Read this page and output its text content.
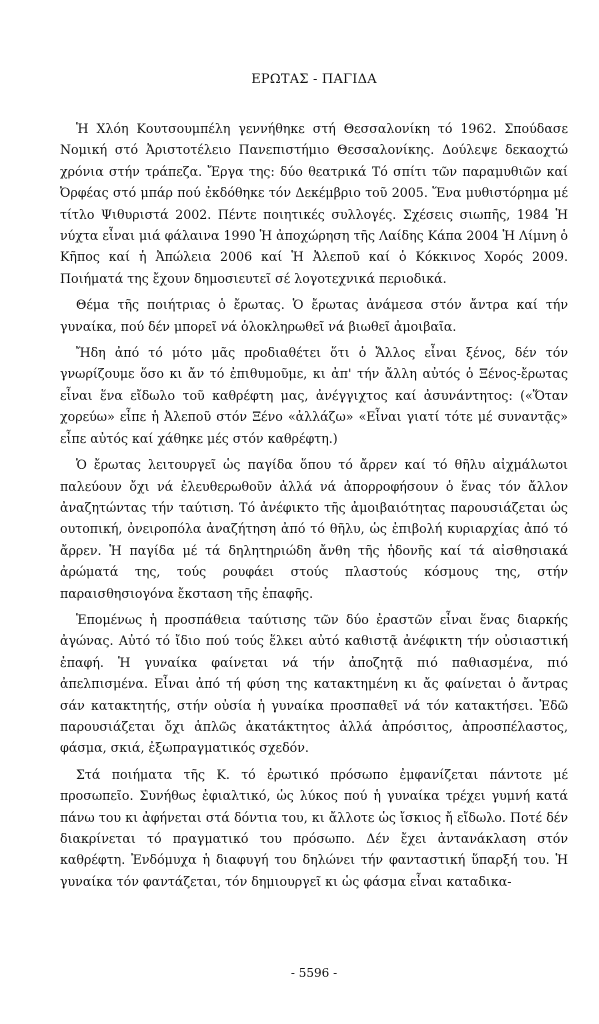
ΕΡΩΤΑΣ - ΠΑΓΙΔΑ

Ἡ Χλόη Κουτσουμπέλη γεννήθηκε στή Θεσσαλονίκη τό 1962. Σπούδασε Νομική στό Ἀριστοτέλειο Πανεπιστήμιο Θεσσαλονίκης. Δούλεψε δεκαοχτώ χρόνια στήν τράπεζα. Ἔργα της: δύο θεατρικά Τό σπίτι τῶν παραμυθιῶν καί Ὀρφέας στό μπάρ πού ἐκδόθηκε τόν Δεκέμβριο τοῦ 2005. Ἕνα μυθιστόρημα μέ τίτλο Ψιθυριστά 2002. Πέντε ποιητικές συλλογές. Σχέσεις σιωπῆς, 1984 Ἡ νύχτα εἶναι μιά φάλαινα 1990 Ἡ ἀποχώρηση τῆς Λαίδης Κάπα 2004 Ἡ Λίμνη ὁ Κῆπος καί ἡ Ἀπώλεια 2006 καί Ἡ Ἀλεποῦ καί ὁ Κόκκινος Χορός 2009. Ποιήματά της ἔχουν δημοσιευτεῖ σέ λογοτεχνικά περιοδικά.

Θέμα τῆς ποιήτριας ὁ ἔρωτας. Ὁ ἔρωτας ἀνάμεσα στόν ἄντρα καί τήν γυναίκα, πού δέν μπορεῖ νά ὁλοκληρωθεῖ νά βιωθεῖ ἀμοιβαῖα.

Ἤδη ἀπό τό μότο μᾶς προδιαθέτει ὅτι ὁ Ἄλλος εἶναι ξένος, δέν τόν γνωρίζουμε ὅσο κι ἄν τό ἐπιθυμοῦμε, κι ἀπ' τήν ἄλλη αὐτός ὁ Ξένος-ἔρωτας εἶναι ἕνα εἴδωλο τοῦ καθρέφτη μας, ἀνέγγιχτος καί ἀσυνάντητος: («Ὅταν χορεύω» εἶπε ἡ Ἀλεποῦ στόν Ξένο «ἀλλάζω» «Εἶναι γιατί τότε μέ συναντᾷς» εἶπε αὐτός καί χάθηκε μές στόν καθρέφτη.)

Ὁ ἔρωτας λειτουργεῖ ὡς παγίδα ὅπου τό ἄρρεν καί τό θῆλυ αἰχμάλωτοι παλεύουν ὄχι νά ἐλευθερωθοῦν ἀλλά νά ἀπορροφήσουν ὁ ἕνας τόν ἄλλον ἀναζητώντας τήν ταύτιση. Τό ἀνέφικτο τῆς ἀμοιβαιότητας παρουσιάζεται ὡς ουτοπική, ὀνειροπόλα ἀναζήτηση ἀπό τό θῆλυ, ὡς ἐπιβολή κυριαρχίας ἀπό τό ἄρρεν. Ἡ παγίδα μέ τά δηλητηριώδη ἄνθη τῆς ἡδονῆς καί τά αἰσθησιακά ἀρώματά της, τούς ρουφάει στούς πλαστούς κόσμους της, στήν παραισθησιογόνα ἔκσταση τῆς ἐπαφῆς.

Ἑπομένως ἡ προσπάθεια ταύτισης τῶν δύο ἐραστῶν εἶναι ἕνας διαρκής ἀγώνας. Αὐτό τό ἴδιο πού τούς ἕλκει αὐτό καθιστᾷ ἀνέφικτη τήν οὐσιαστική ἐπαφή. Ἡ γυναίκα φαίνεται νά τήν ἀποζητᾷ πιό παθιασμένα, πιό ἀπελπισμένα. Εἶναι ἀπό τή φύση της κατακτημένη κι ἄς φαίνεται ὁ ἄντρας σάν κατακτητής, στήν οὐσία ἡ γυναίκα προσπαθεῖ νά τόν κατακτήσει. Ἐδῶ παρουσιάζεται ὄχι ἁπλῶς ἀκατάκτητος ἀλλά ἀπρόσιτος, ἀπροσπέλαστος, φάσμα, σκιά, ἐξωπραγματικός σχεδόν.

Στά ποιήματα τῆς Κ. τό ἐρωτικό πρόσωπο ἐμφανίζεται πάντοτε μέ προσωπεῖο. Συνήθως ἐφιαλτικό, ὡς λύκος πού ἡ γυναίκα τρέχει γυμνή κατά πάνω του κι ἀφήνεται στά δόντια του, κι ἄλλοτε ὡς ἴσκιος ἤ εἴδωλο. Ποτέ δέν διακρίνεται τό πραγματικό του πρόσωπο. Δέν ἔχει ἀντανάκλαση στόν καθρέφτη. Ἐνδόμυχα ἡ διαφυγή του δηλώνει τήν φανταστική ὕπαρξή του. Ἡ γυναίκα τόν φαντάζεται, τόν δημιουργεῖ κι ὡς φάσμα εἶναι καταδικα-

- 5596 -
